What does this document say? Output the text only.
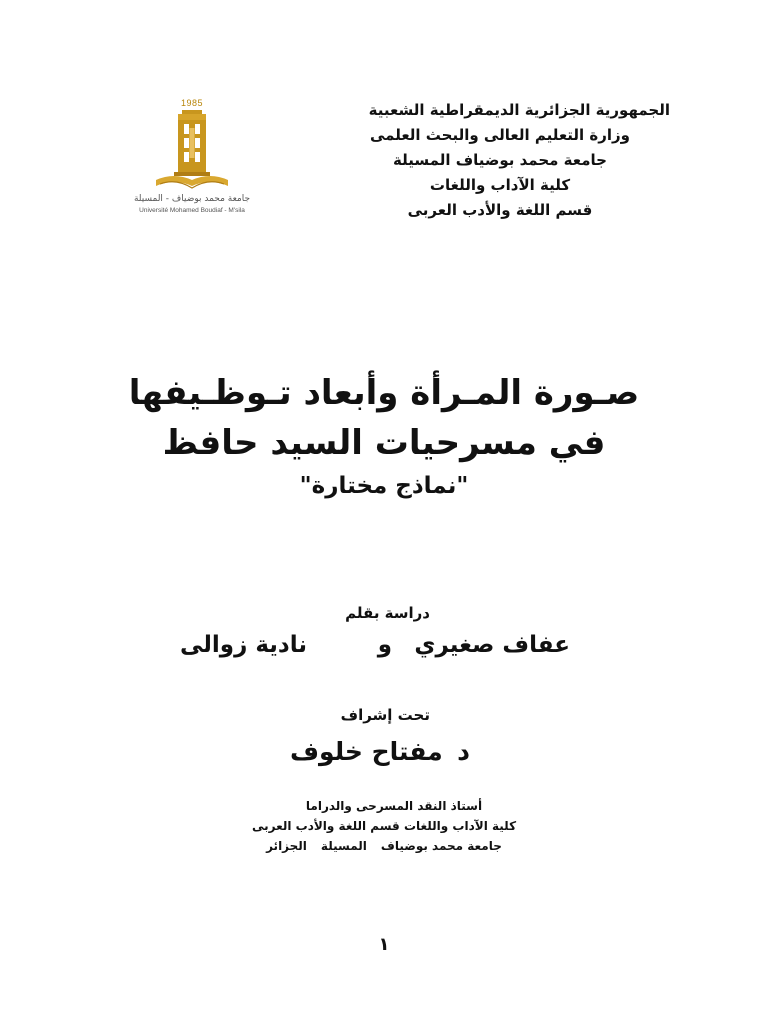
1985
جامعة محمد بوضياف - المسيلة
Université Mohamed Boudiaf - M'sila
الجمهورية الجزائرية الديمقراطية الشعبية
وزارة التعليم العالى والبحث العلمى
جامعة محمد بوضياف المسيلة
كلية الآداب واللغات
قسم اللغة والأدب العربى
صـورة المـرأة وأبعاد تـوظـيفها
في مسرحيات السيد حافظ
"نماذج مختارة"
دراسة بقلم
عفاف صغيري
و
نادية زوالى
تحت إشراف
د
مفتاح خلوف
أستاذ النقد المسرحى والدراما
كلية الآداب واللغات قسم اللغة والأدب العربى
جامعة محمد بوضيافالمسيلةالجزائر
١
